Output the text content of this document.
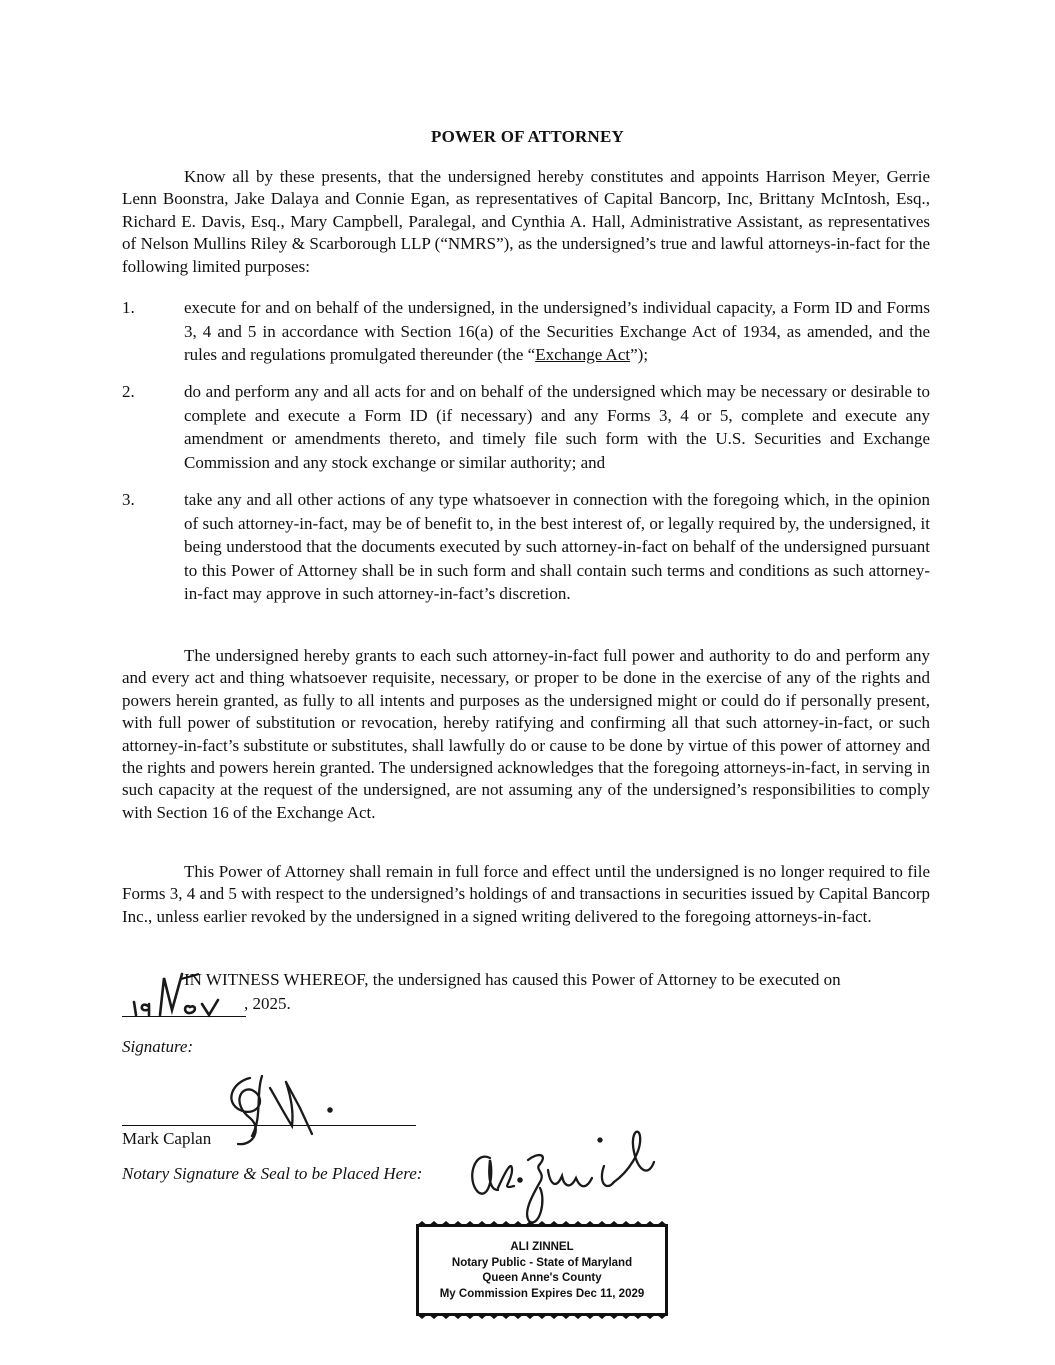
POWER OF ATTORNEY

Know all by these presents, that the undersigned hereby constitutes and appoints Harrison Meyer, Gerrie Lenn Boonstra, Jake Dalaya and Connie Egan, as representatives of Capital Bancorp, Inc, Brittany McIntosh, Esq., Richard E. Davis, Esq., Mary Campbell, Paralegal, and Cynthia A. Hall, Administrative Assistant, as representatives of Nelson Mullins Riley & Scarborough LLP (“NMRS”), as the undersigned’s true and lawful attorneys-in-fact for the following limited purposes:

1.	execute for and on behalf of the undersigned, in the undersigned’s individual capacity, a Form ID and Forms 3, 4 and 5 in accordance with Section 16(a) of the Securities Exchange Act of 1934, as amended, and the rules and regulations promulgated thereunder (the “Exchange Act”);
2.	do and perform any and all acts for and on behalf of the undersigned which may be necessary or desirable to complete and execute a Form ID (if necessary) and any Forms 3, 4 or 5, complete and execute any amendment or amendments thereto, and timely file such form with the U.S. Securities and Exchange Commission and any stock exchange or similar authority; and
3.	take any and all other actions of any type whatsoever in connection with the foregoing which, in the opinion of such attorney-in-fact, may be of benefit to, in the best interest of, or legally required by, the undersigned, it being understood that the documents executed by such attorney-in-fact on behalf of the undersigned pursuant to this Power of Attorney shall be in such form and shall contain such terms and conditions as such attorney-in-fact may approve in such attorney-in-fact’s discretion.

The undersigned hereby grants to each such attorney-in-fact full power and authority to do and perform any and every act and thing whatsoever requisite, necessary, or proper to be done in the exercise of any of the rights and powers herein granted, as fully to all intents and purposes as the undersigned might or could do if personally present, with full power of substitution or revocation, hereby ratifying and confirming all that such attorney-in-fact, or such attorney-in-fact’s substitute or substitutes, shall lawfully do or cause to be done by virtue of this power of attorney and the rights and powers herein granted. The undersigned acknowledges that the foregoing attorneys-in-fact, in serving in such capacity at the request of the undersigned, are not assuming any of the undersigned’s responsibilities to comply with Section 16 of the Exchange Act.

This Power of Attorney shall remain in full force and effect until the undersigned is no longer required to file Forms 3, 4 and 5 with respect to the undersigned’s holdings of and transactions in securities issued by Capital Bancorp Inc., unless earlier revoked by the undersigned in a signed writing delivered to the foregoing attorneys-in-fact.

IN WITNESS WHEREOF, the undersigned has caused this Power of Attorney to be executed on
, 2025.
Signature:
Mark Caplan
Notary Signature & Seal to be Placed Here:
ALI ZINNEL
Notary Public - State of Maryland
Queen Anne's County
My Commission Expires Dec 11, 2029
